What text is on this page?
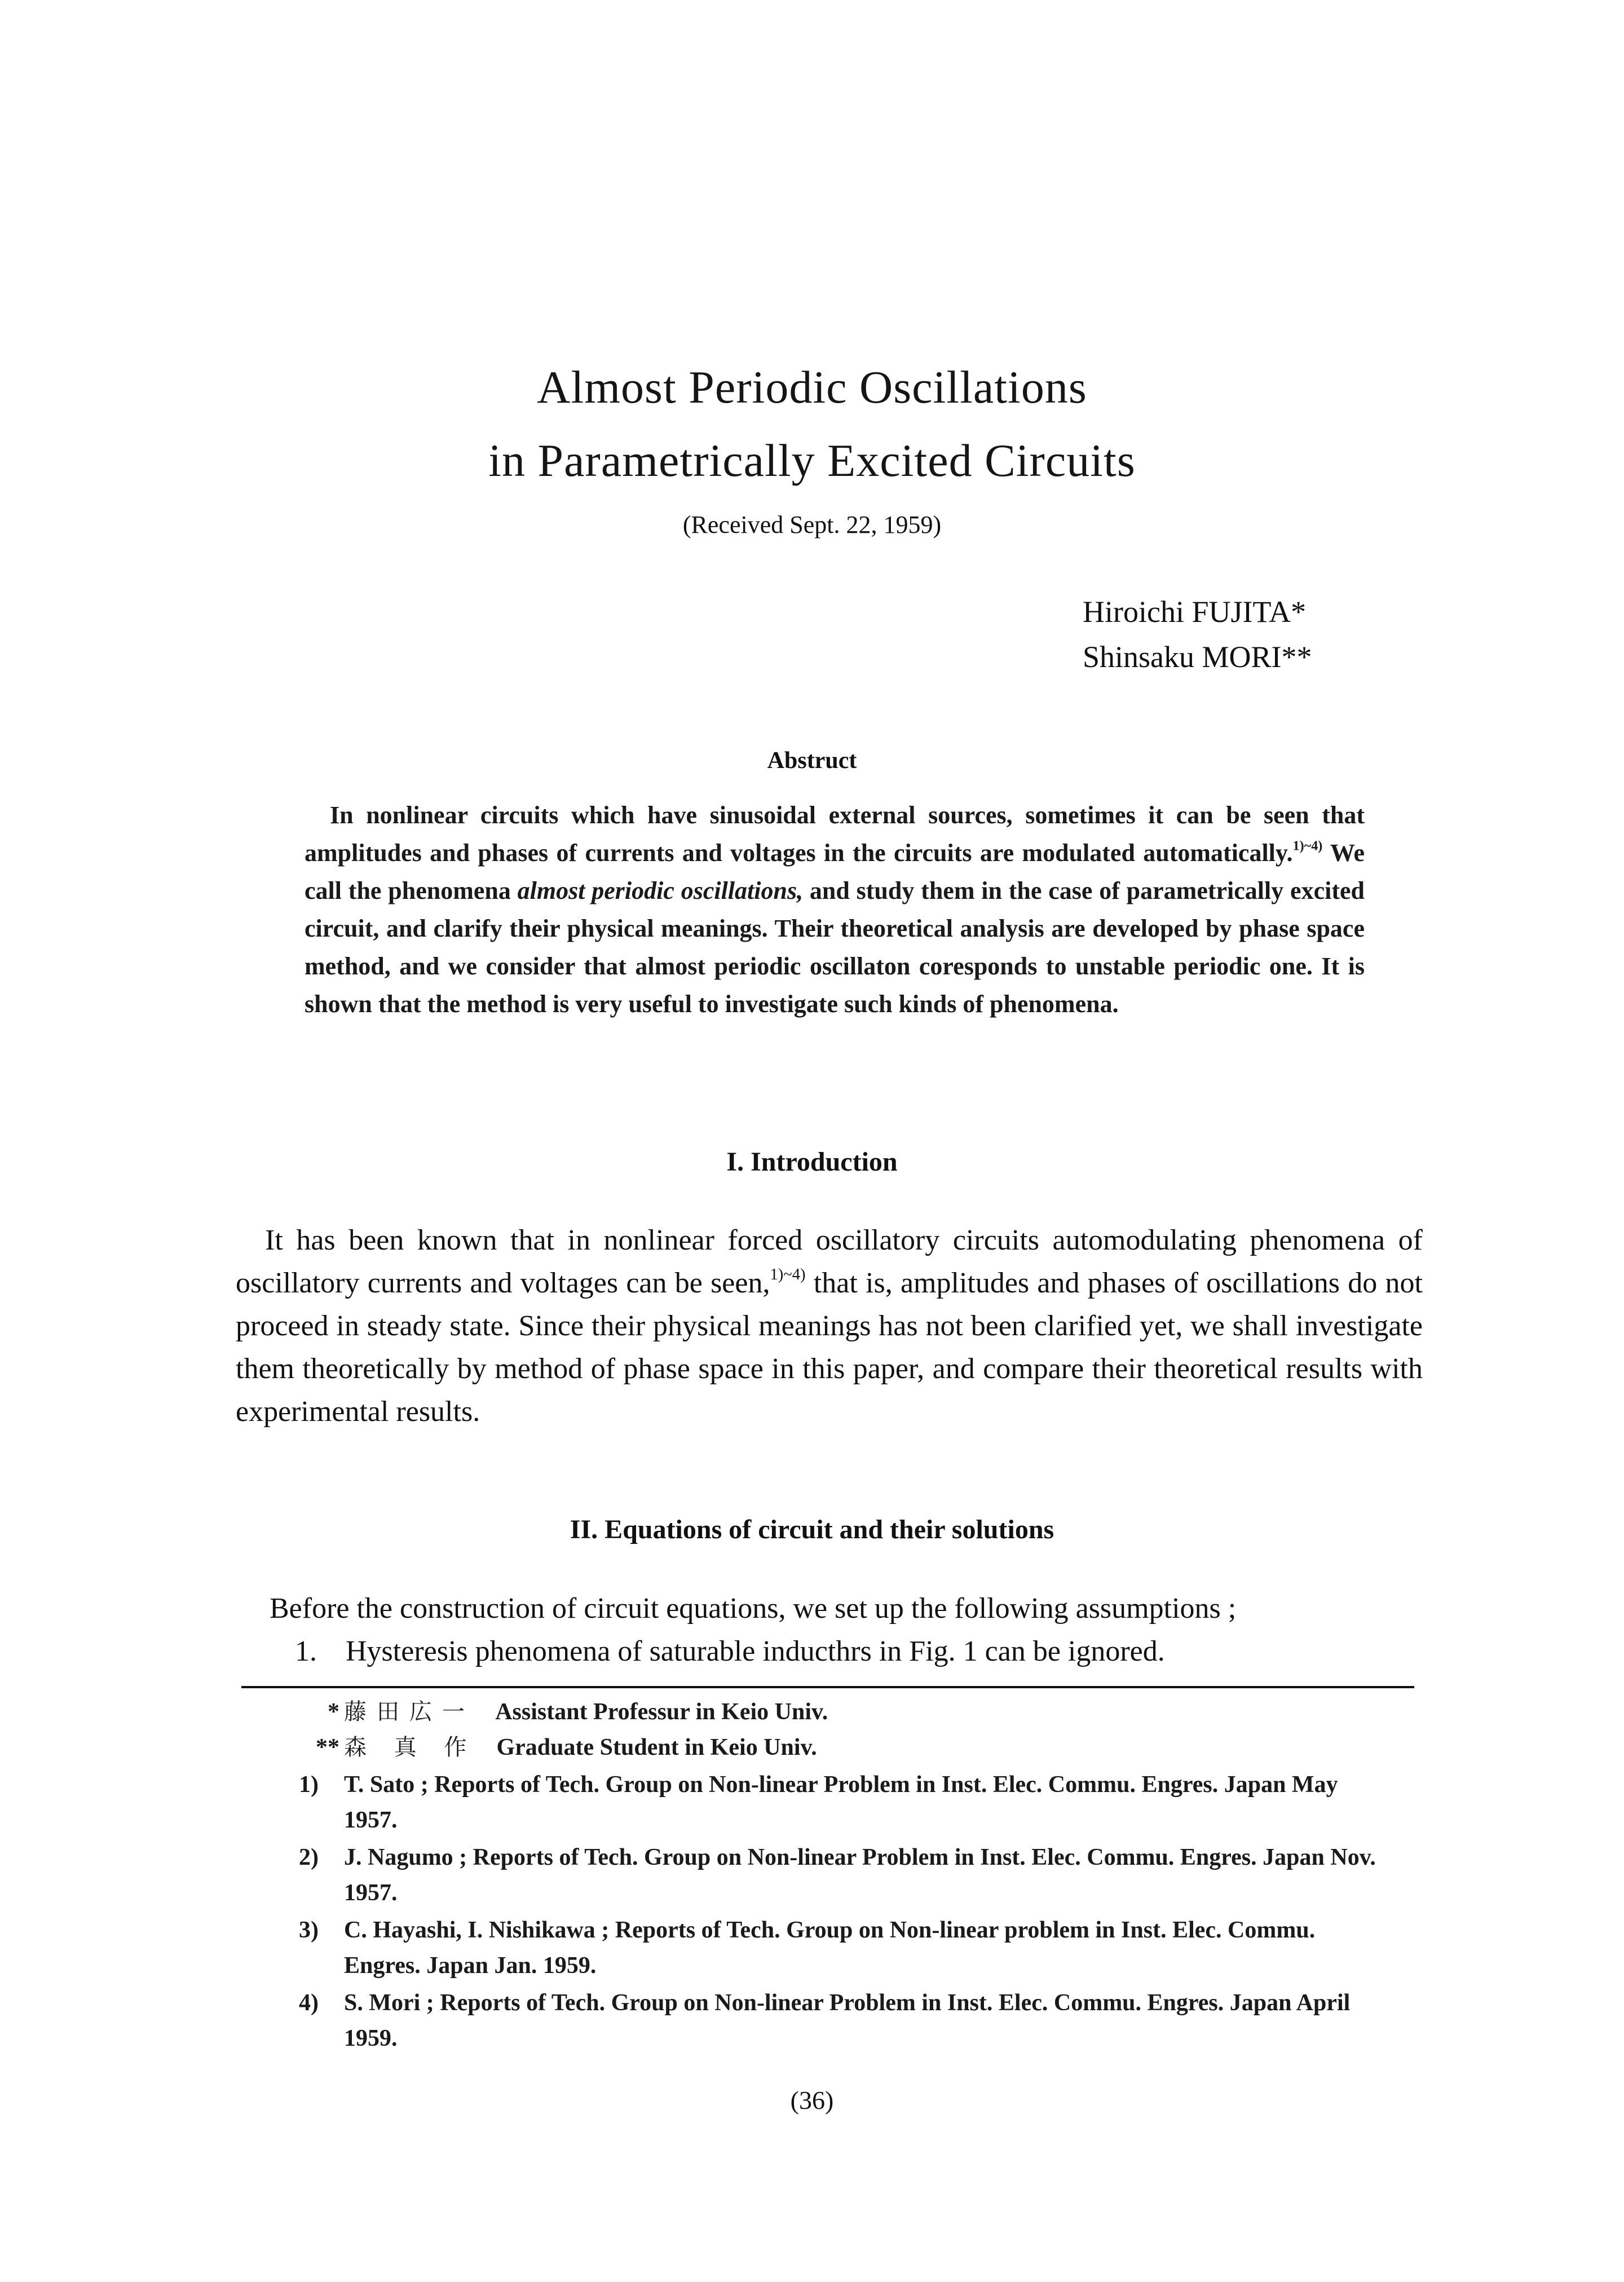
Almost Periodic Oscillations
in Parametrically Excited Circuits
(Received Sept. 22, 1959)
Hiroichi FUJITA*
Shinsaku MORI**
Abstruct

In nonlinear circuits which have sinusoidal external sources, sometimes it can be seen that amplitudes and phases of currents and voltages in the circuits are modulated automatically.$^{1)\sim 4)}$ We call the phenomena almost periodic oscillations, and study them in the case of parametrically excited circuit, and clarify their physical meanings. Their theoretical analysis are developed by phase space method, and we consider that almost periodic oscillaton coresponds to unstable periodic one. It is shown that the method is very useful to investigate such kinds of phenomena.

I. Introduction

It has been known that in nonlinear forced oscillatory circuits automodulating phenomena of oscillatory currents and voltages can be seen,$^{1)\sim 4)}$ that is, amplitudes and phases of oscillations do not proceed in steady state. Since their physical meanings has not been clarified yet, we shall investigate them theoretically by method of phase space in this paper, and compare their theoretical results with experimental results.

II. Equations of circuit and their solutions

Before the construction of circuit equations, we set up the following assumptions ;

1. Hysteresis phenomena of saturable inducthrs in Fig. 1 can be ignored.

* 藤田広一 Assistant Professur in Keio Univ.
** 森 真 作 Graduate Student in Keio Univ.
1)	T. Sato ; Reports of Tech. Group on Non-linear Problem in Inst. Elec. Commu. Engres. Japan May 1957.
2)	J. Nagumo ; Reports of Tech. Group on Non-linear Problem in Inst. Elec. Commu. Engres. Japan Nov. 1957.
3)	C. Hayashi, I. Nishikawa ; Reports of Tech. Group on Non-linear problem in Inst. Elec. Commu. Engres. Japan Jan. 1959.
4)	S. Mori ; Reports of Tech. Group on Non-linear Problem in Inst. Elec. Commu. Engres. Japan April 1959.
(36)
